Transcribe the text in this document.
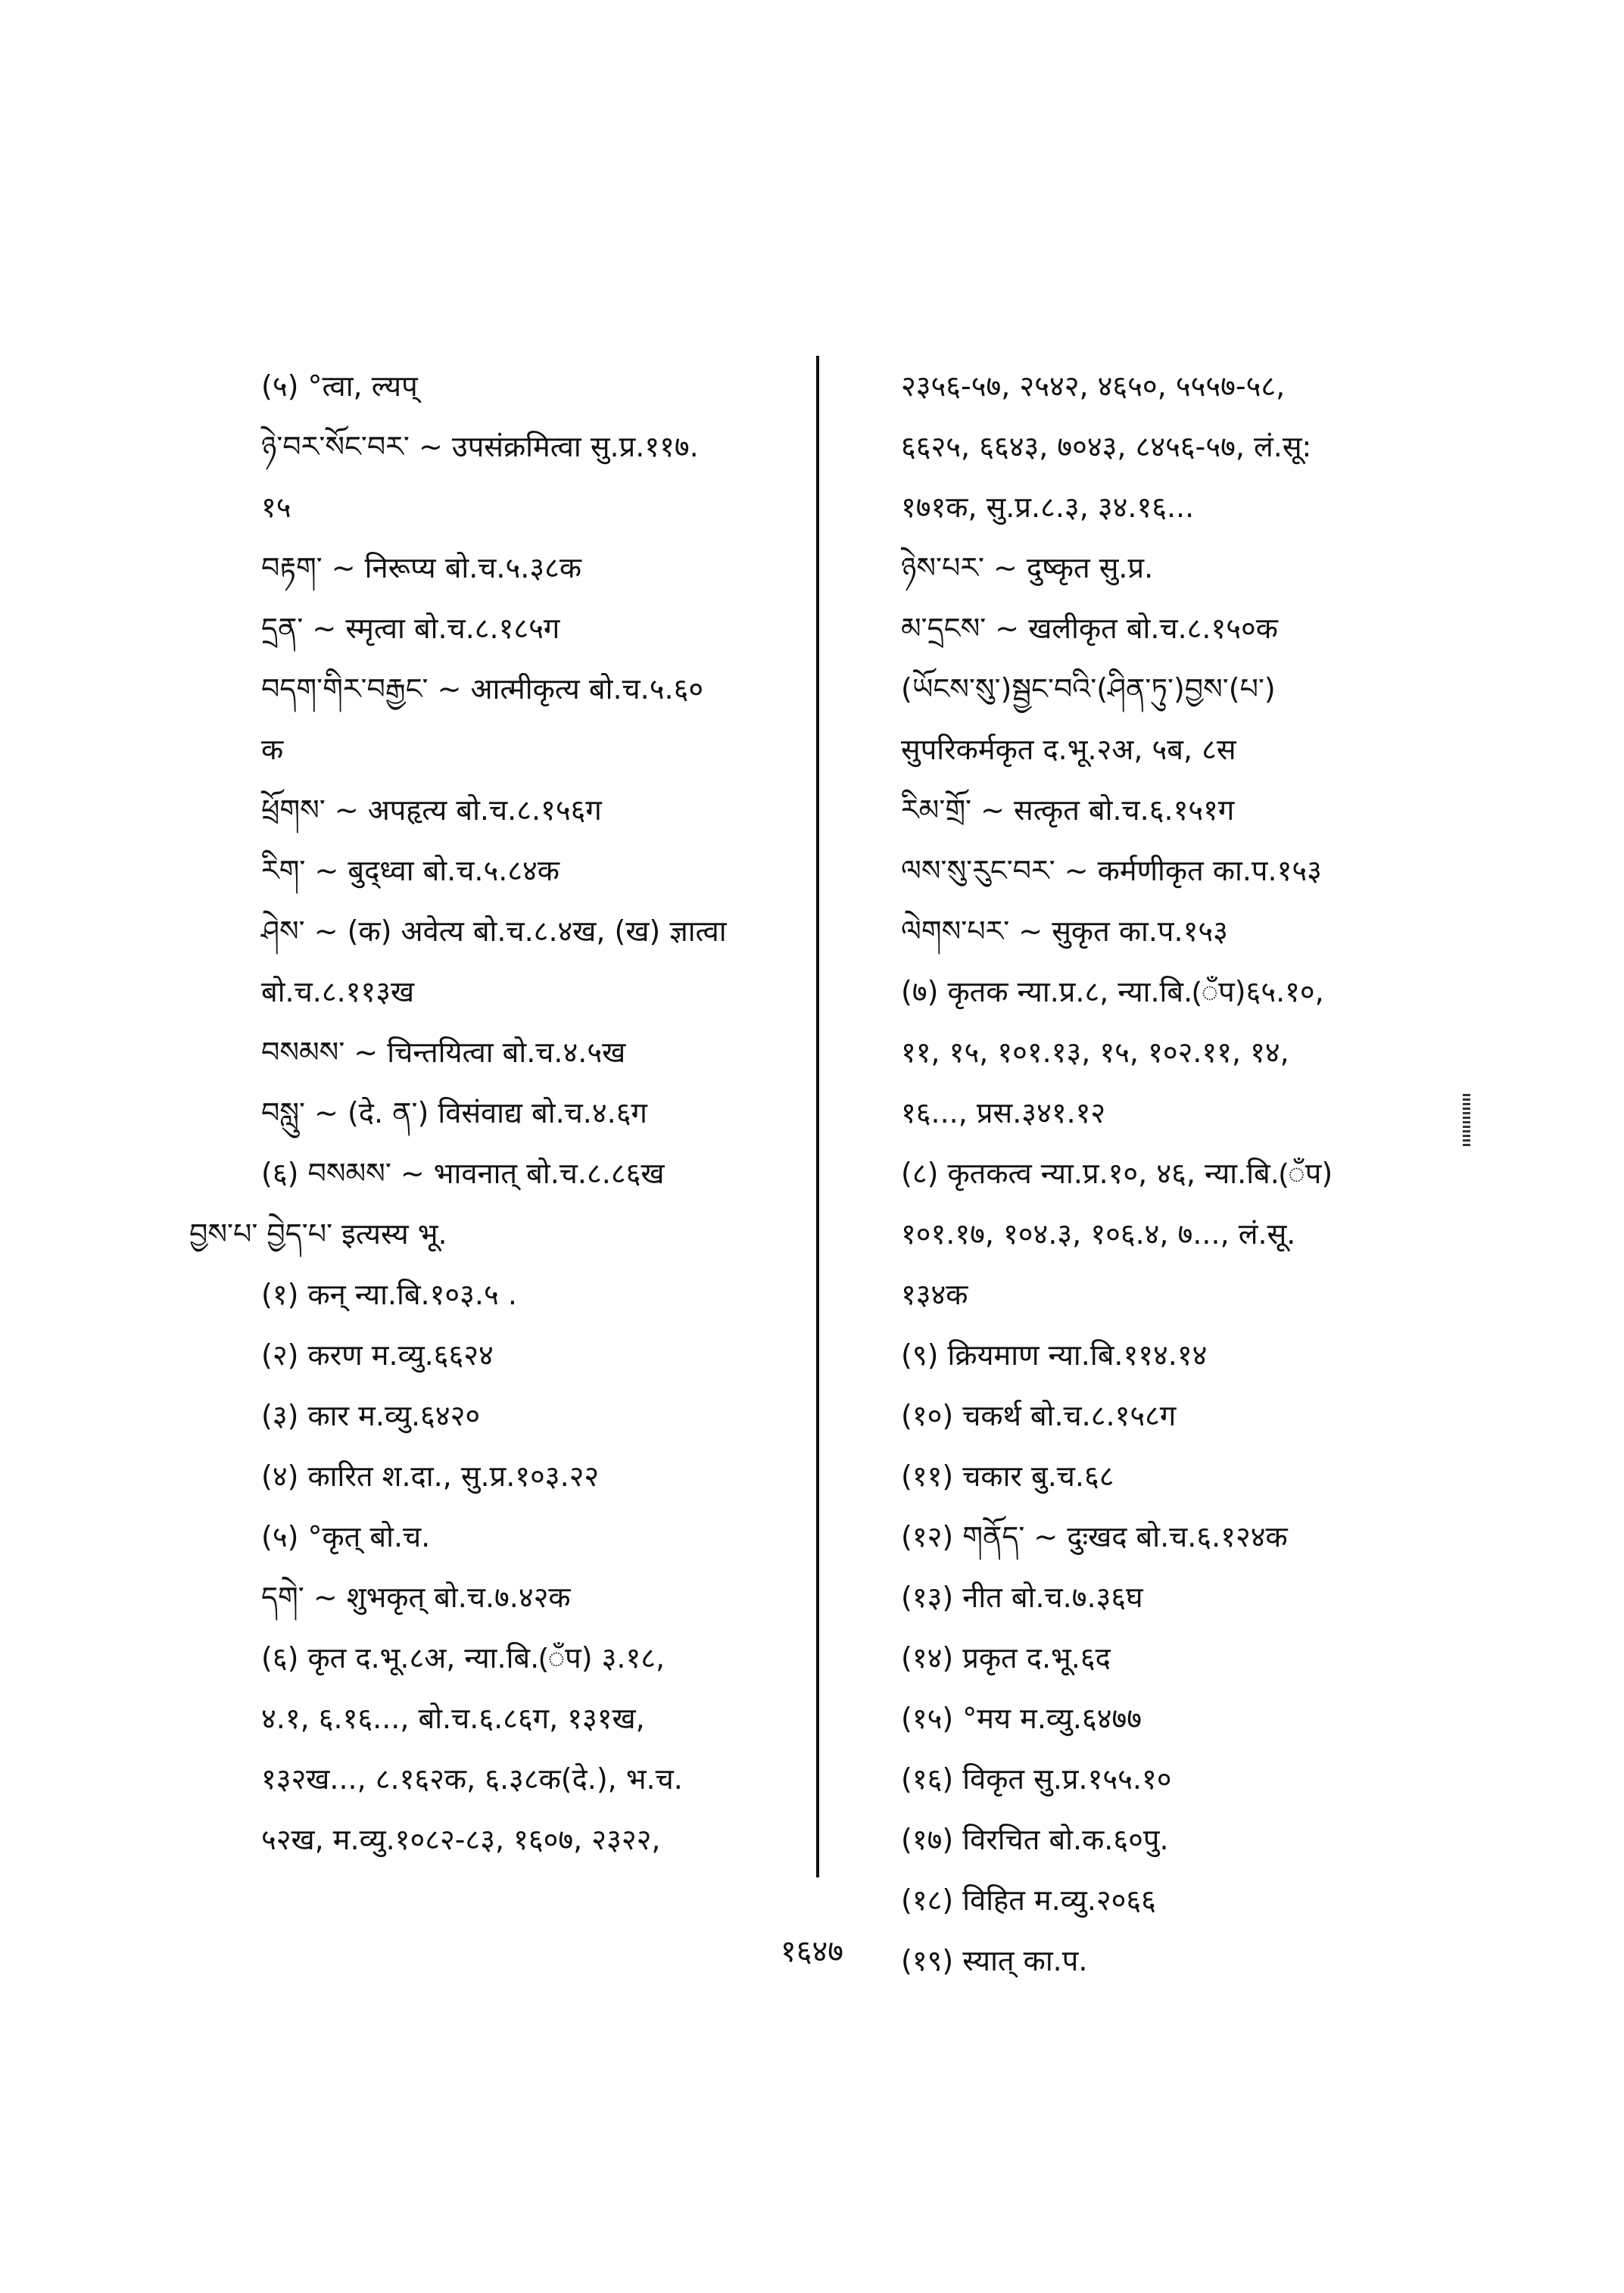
(५) °त्वा, ल्यप्
ཉེ་བར་སོང་བར་ ~ उपसंक्रमित्वा सु.प्र.११७.
१५
བརྟག་ ~ निरूप्य बो.च.५.३८क
དྲན་ ~ स्मृत्वा बो.च.८.१८५ग
བདག་གིར་བརྒྱང་ ~ आत्मीकृत्य बो.च.५.६०
क
ཕྲོགས་ ~ अपहृत्य बो.च.८.१५६ग
རིག་ ~ बुद्ध्वा बो.च.५.८४क
ཤེས་ ~ (क) अवेत्य बो.च.८.४ख, (ख) ज्ञात्वा
बो.च.८.११३ख
བསམས་ ~ चिन्तयित्वा बो.च.४.५ख
བསླུ་ ~ (दे. ན་) विसंवाद्य बो.च.४.६ग
(६) བསམས་ ~ भावनात् बो.च.८.८६ख
བྱས་པ་ བྱེད་པ་ इत्यस्य भू.
(१) कन् न्या.बि.१०३.५ .
(२) करण म.व्यु.६६२४
(३) कार म.व्यु.६४२०
(४) कारित श.दा., सु.प्र.१०३.२२
(५) °कृत् बो.च.
དགེ་ ~ शुभकृत् बो.च.७.४२क
(६) कृत द.भू.८अ, न्या.बि.(ँप) ३.१८,
४.१, ६.१६..., बो.च.६.८६ग, १३१ख,
१३२ख..., ८.१६२क, ६.३८क(दे.), भ.च.
५२ख, म.व्यु.१०८२-८३, १६०७, २३२२,
२३५६-५७, २५४२, ४६५०, ५५५७-५८,
६६२५, ६६४३, ७०४३, ८४५६-५७, लं.सू:
१७१क, सु.प्र.८.३, ३४.१६...
ཉེས་པར་ ~ दुष्कृत सु.प्र.
མ་དྲངས་ ~ खलीकृत बो.च.८.१५०क
(ཡོངས་སུ་)སྦྱང་བའི་(ཤིན་ཏུ་)བྱས་(པ་)
सुपरिकर्मकृत द.भू.२अ, ५ब, ८स
རིམ་གྲོ་ ~ सत्कृत बो.च.६.१५१ग
ལས་སུ་རུང་བར་ ~ कर्मणीकृत का.प.१५३
ལེགས་པར་ ~ सुकृत का.प.१५३
(७) कृतक न्या.प्र.८, न्या.बि.(ँप)६५.१०,
११, १५, १०१.१३, १५, १०२.११, १४,
१६..., प्रस.३४१.१२
(८) कृतकत्व न्या.प्र.१०, ४६, न्या.बि.(ँप)
१०१.१७, १०४.३, १०६.४, ७..., लं.सू.
१३४क
(९) क्रियमाण न्या.बि.११४.१४
(१०) चकर्थ बो.च.८.१५८ग
(११) चकार बु.च.६८
(१२) གནོད་ ~ दुःखद बो.च.६.१२४क
(१३) नीत बो.च.७.३६घ
(१४) प्रकृत द.भू.६द
(१५) °मय म.व्यु.६४७७
(१६) विकृत सु.प्र.१५५.१०
(१७) विरचित बो.क.६०पु.
(१८) विहित म.व्यु.२०६६
(१९) स्यात् का.प.
१६४७
